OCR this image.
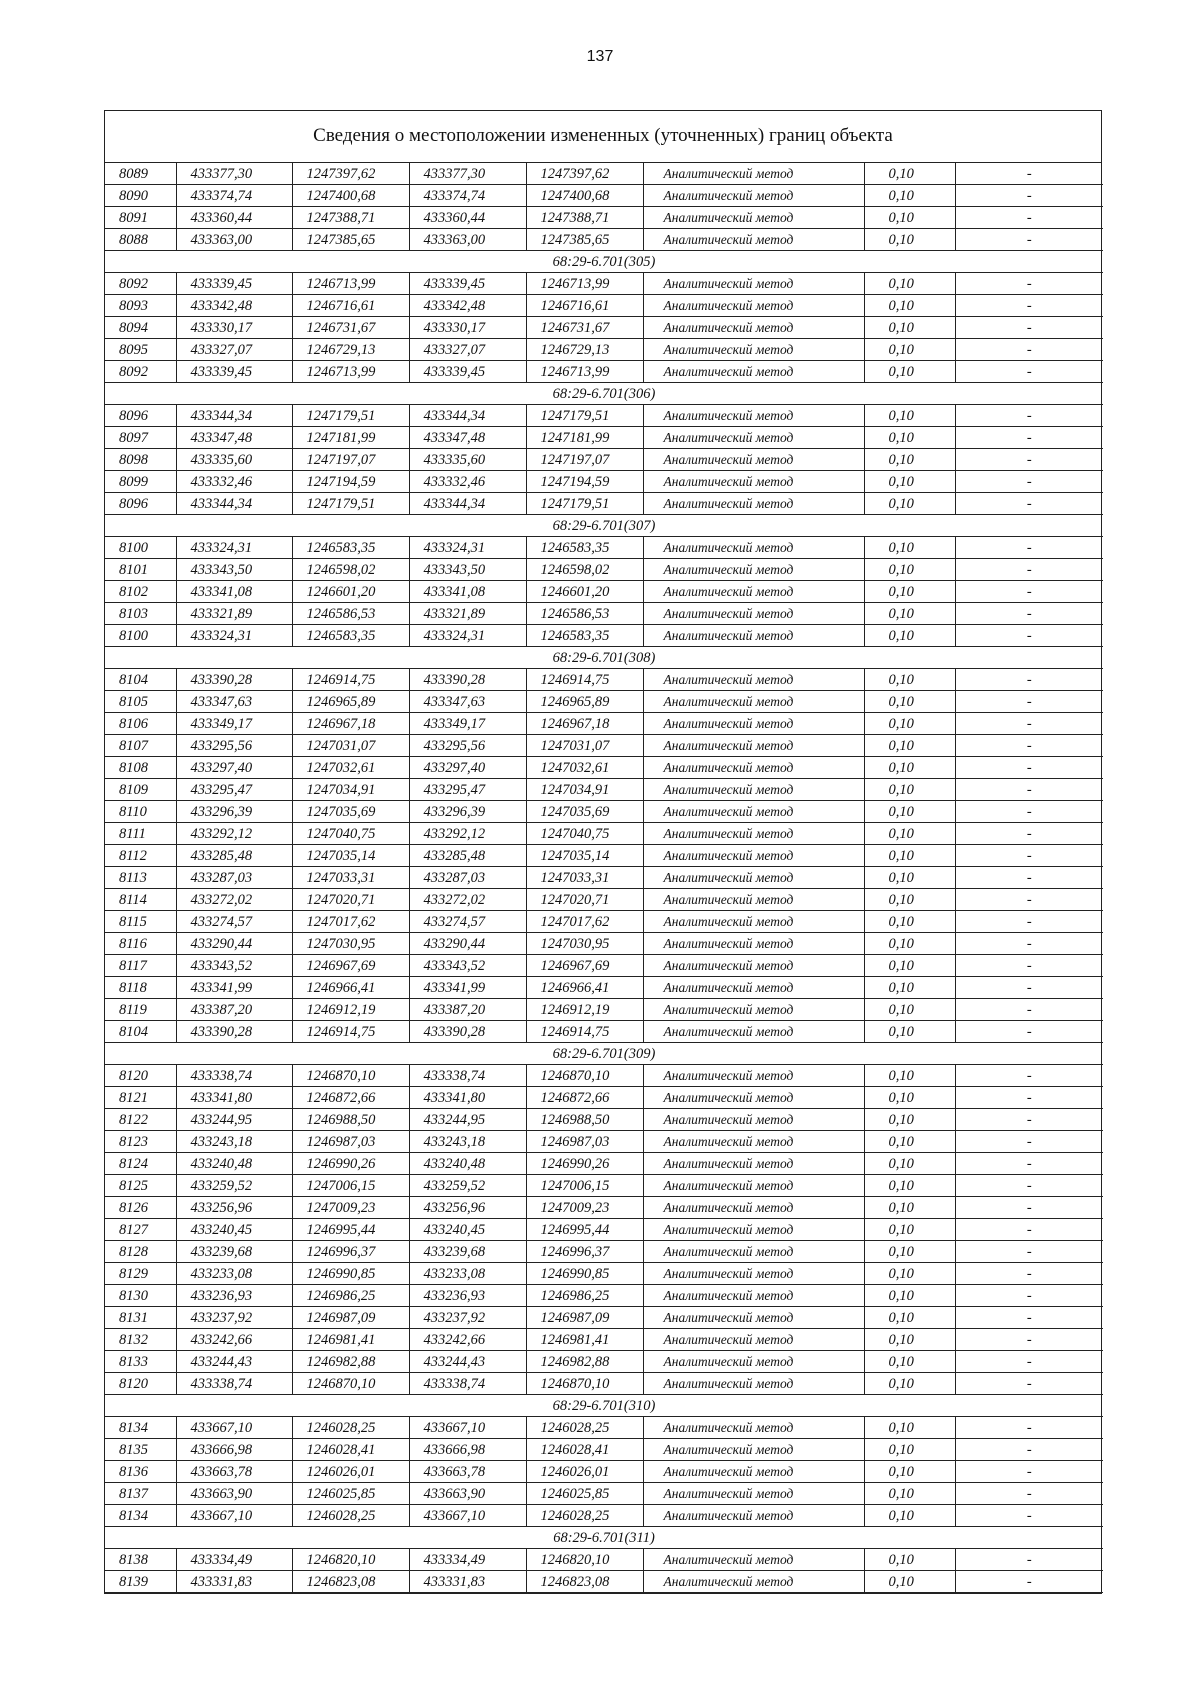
137
Сведения о местоположении измененных (уточненных) границ объекта
8089	433377,30	1247397,62	433377,30	1247397,62	Аналитический метод	0,10	-
8090	433374,74	1247400,68	433374,74	1247400,68	Аналитический метод	0,10	-
8091	433360,44	1247388,71	433360,44	1247388,71	Аналитический метод	0,10	-
8088	433363,00	1247385,65	433363,00	1247385,65	Аналитический метод	0,10	-
68:29-6.701(305)							
8092	433339,45	1246713,99	433339,45	1246713,99	Аналитический метод	0,10	-
8093	433342,48	1246716,61	433342,48	1246716,61	Аналитический метод	0,10	-
8094	433330,17	1246731,67	433330,17	1246731,67	Аналитический метод	0,10	-
8095	433327,07	1246729,13	433327,07	1246729,13	Аналитический метод	0,10	-
8092	433339,45	1246713,99	433339,45	1246713,99	Аналитический метод	0,10	-
68:29-6.701(306)							
8096	433344,34	1247179,51	433344,34	1247179,51	Аналитический метод	0,10	-
8097	433347,48	1247181,99	433347,48	1247181,99	Аналитический метод	0,10	-
8098	433335,60	1247197,07	433335,60	1247197,07	Аналитический метод	0,10	-
8099	433332,46	1247194,59	433332,46	1247194,59	Аналитический метод	0,10	-
8096	433344,34	1247179,51	433344,34	1247179,51	Аналитический метод	0,10	-
68:29-6.701(307)							
8100	433324,31	1246583,35	433324,31	1246583,35	Аналитический метод	0,10	-
8101	433343,50	1246598,02	433343,50	1246598,02	Аналитический метод	0,10	-
8102	433341,08	1246601,20	433341,08	1246601,20	Аналитический метод	0,10	-
8103	433321,89	1246586,53	433321,89	1246586,53	Аналитический метод	0,10	-
8100	433324,31	1246583,35	433324,31	1246583,35	Аналитический метод	0,10	-
68:29-6.701(308)							
8104	433390,28	1246914,75	433390,28	1246914,75	Аналитический метод	0,10	-
8105	433347,63	1246965,89	433347,63	1246965,89	Аналитический метод	0,10	-
8106	433349,17	1246967,18	433349,17	1246967,18	Аналитический метод	0,10	-
8107	433295,56	1247031,07	433295,56	1247031,07	Аналитический метод	0,10	-
8108	433297,40	1247032,61	433297,40	1247032,61	Аналитический метод	0,10	-
8109	433295,47	1247034,91	433295,47	1247034,91	Аналитический метод	0,10	-
8110	433296,39	1247035,69	433296,39	1247035,69	Аналитический метод	0,10	-
8111	433292,12	1247040,75	433292,12	1247040,75	Аналитический метод	0,10	-
8112	433285,48	1247035,14	433285,48	1247035,14	Аналитический метод	0,10	-
8113	433287,03	1247033,31	433287,03	1247033,31	Аналитический метод	0,10	-
8114	433272,02	1247020,71	433272,02	1247020,71	Аналитический метод	0,10	-
8115	433274,57	1247017,62	433274,57	1247017,62	Аналитический метод	0,10	-
8116	433290,44	1247030,95	433290,44	1247030,95	Аналитический метод	0,10	-
8117	433343,52	1246967,69	433343,52	1246967,69	Аналитический метод	0,10	-
8118	433341,99	1246966,41	433341,99	1246966,41	Аналитический метод	0,10	-
8119	433387,20	1246912,19	433387,20	1246912,19	Аналитический метод	0,10	-
8104	433390,28	1246914,75	433390,28	1246914,75	Аналитический метод	0,10	-
68:29-6.701(309)							
8120	433338,74	1246870,10	433338,74	1246870,10	Аналитический метод	0,10	-
8121	433341,80	1246872,66	433341,80	1246872,66	Аналитический метод	0,10	-
8122	433244,95	1246988,50	433244,95	1246988,50	Аналитический метод	0,10	-
8123	433243,18	1246987,03	433243,18	1246987,03	Аналитический метод	0,10	-
8124	433240,48	1246990,26	433240,48	1246990,26	Аналитический метод	0,10	-
8125	433259,52	1247006,15	433259,52	1247006,15	Аналитический метод	0,10	-
8126	433256,96	1247009,23	433256,96	1247009,23	Аналитический метод	0,10	-
8127	433240,45	1246995,44	433240,45	1246995,44	Аналитический метод	0,10	-
8128	433239,68	1246996,37	433239,68	1246996,37	Аналитический метод	0,10	-
8129	433233,08	1246990,85	433233,08	1246990,85	Аналитический метод	0,10	-
8130	433236,93	1246986,25	433236,93	1246986,25	Аналитический метод	0,10	-
8131	433237,92	1246987,09	433237,92	1246987,09	Аналитический метод	0,10	-
8132	433242,66	1246981,41	433242,66	1246981,41	Аналитический метод	0,10	-
8133	433244,43	1246982,88	433244,43	1246982,88	Аналитический метод	0,10	-
8120	433338,74	1246870,10	433338,74	1246870,10	Аналитический метод	0,10	-
68:29-6.701(310)							
8134	433667,10	1246028,25	433667,10	1246028,25	Аналитический метод	0,10	-
8135	433666,98	1246028,41	433666,98	1246028,41	Аналитический метод	0,10	-
8136	433663,78	1246026,01	433663,78	1246026,01	Аналитический метод	0,10	-
8137	433663,90	1246025,85	433663,90	1246025,85	Аналитический метод	0,10	-
8134	433667,10	1246028,25	433667,10	1246028,25	Аналитический метод	0,10	-
68:29-6.701(311)							
8138	433334,49	1246820,10	433334,49	1246820,10	Аналитический метод	0,10	-
8139	433331,83	1246823,08	433331,83	1246823,08	Аналитический метод	0,10	-
